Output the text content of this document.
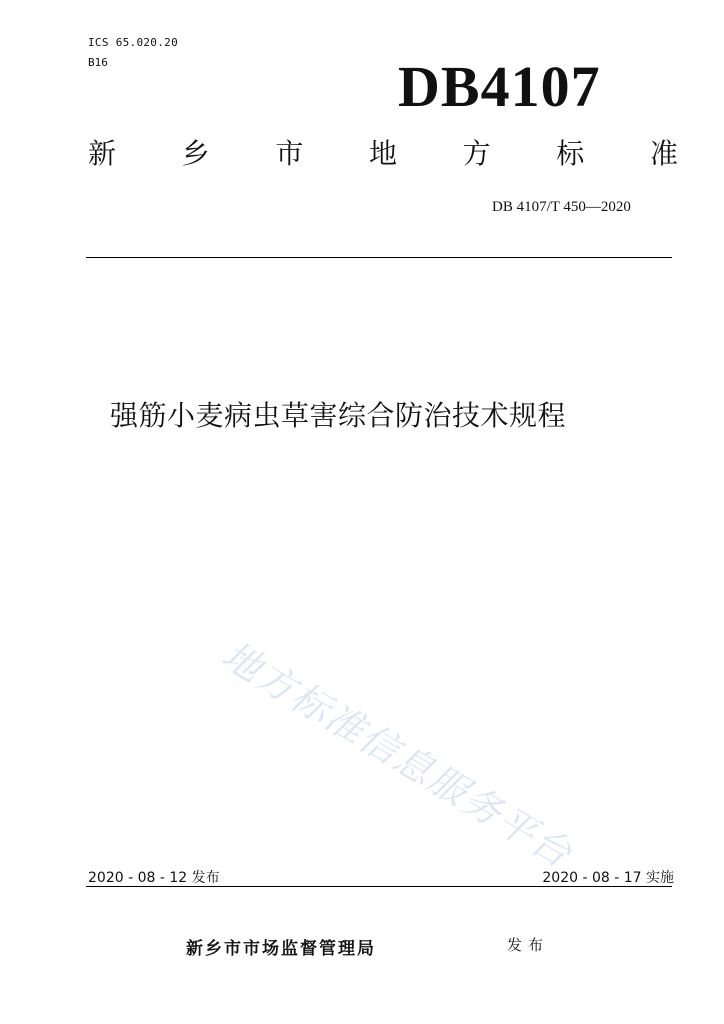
ICS 65.020.20
B16	DB4107
新 乡 市 地 方 标 准
DB 4107/T 450—2020
强筋小麦病虫草害综合防治技术规程
地方标准信息服务平台
2020 - 08 - 12 发布	2020 - 08 - 17 实施
新乡市市场监督管理局	发布
